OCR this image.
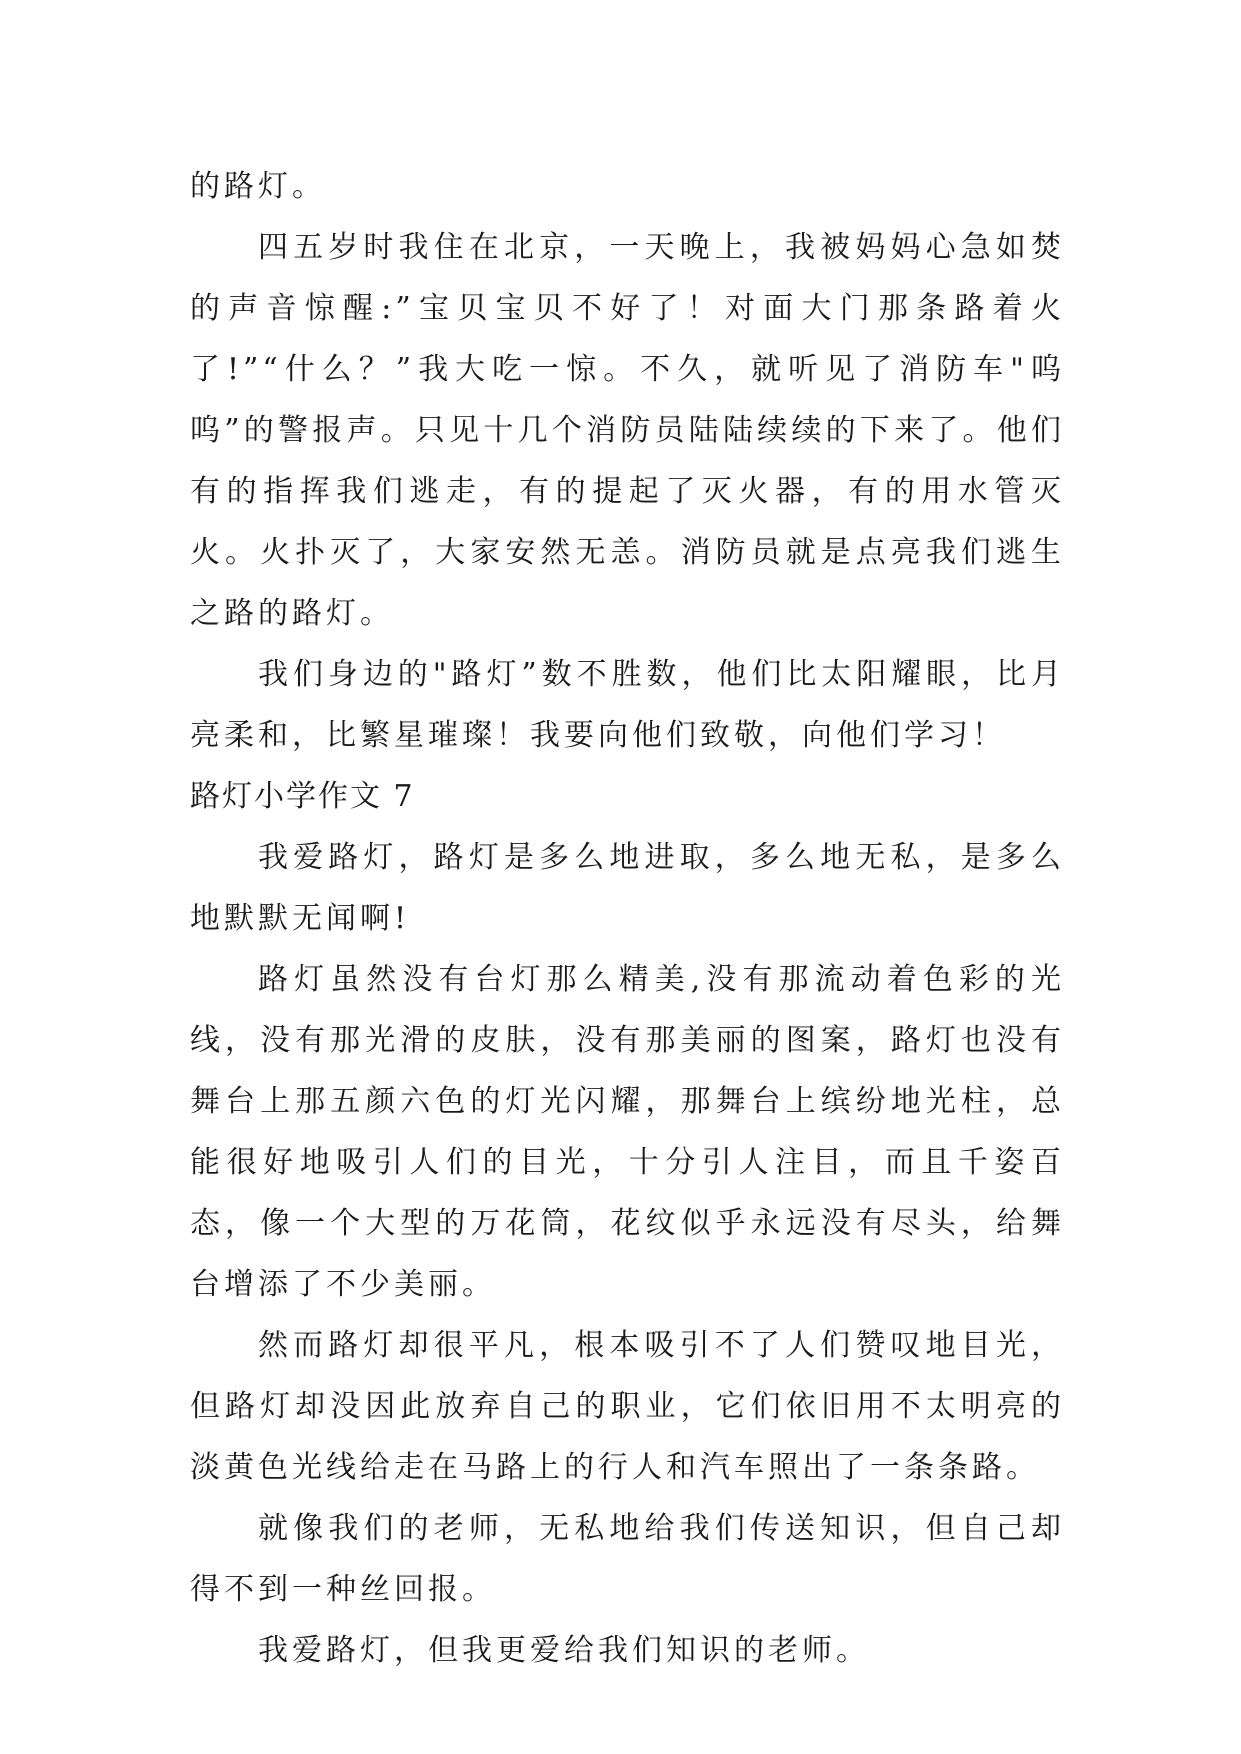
的路灯。

四五岁时我住在北京，一天晚上，我被妈妈心急如焚的声音惊醒:”宝贝宝贝不好了！对面大门那条路着火了!”“什么？”我大吃一惊。不久，就听见了消防车"呜呜”的警报声。只见十几个消防员陆陆续续的下来了。他们有的指挥我们逃走，有的提起了灭火器，有的用水管灭火。火扑灭了，大家安然无恙。消防员就是点亮我们逃生之路的路灯。

我们身边的"路灯”数不胜数，他们比太阳耀眼，比月亮柔和，比繁星璀璨！我要向他们致敬，向他们学习！

路灯小学作文 7

我爱路灯，路灯是多么地进取，多么地无私，是多么地默默无闻啊!

路灯虽然没有台灯那么精美,没有那流动着色彩的光线，没有那光滑的皮肤，没有那美丽的图案，路灯也没有舞台上那五颜六色的灯光闪耀，那舞台上缤纷地光柱，总能很好地吸引人们的目光，十分引人注目，而且千姿百态，像一个大型的万花筒，花纹似乎永远没有尽头，给舞台增添了不少美丽。

然而路灯却很平凡，根本吸引不了人们赞叹地目光，但路灯却没因此放弃自己的职业，它们依旧用不太明亮的淡黄色光线给走在马路上的行人和汽车照出了一条条路。

就像我们的老师，无私地给我们传送知识，但自己却得不到一种丝回报。

我爱路灯，但我更爱给我们知识的老师。
